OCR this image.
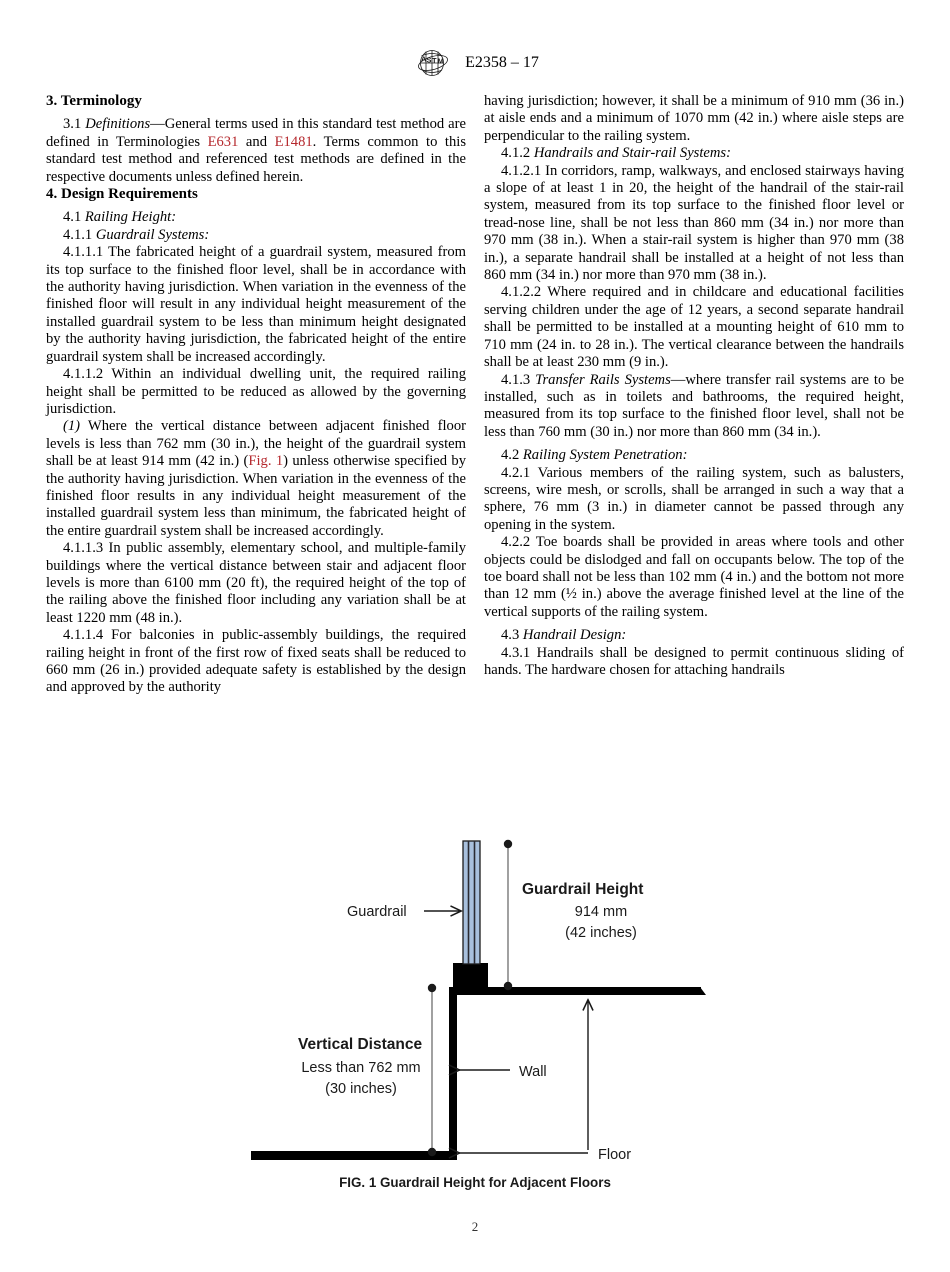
A S T M E2358 – 17
3. Terminology

3.1 Definitions—General terms used in this standard test method are defined in Terminologies E631 and E1481. Terms common to this standard test method and referenced test methods are defined in the respective documents unless defined herein.

4. Design Requirements

4.1 Railing Height:

4.1.1 Guardrail Systems:

4.1.1.1 The fabricated height of a guardrail system, measured from its top surface to the finished floor level, shall be in accordance with the authority having jurisdiction. When variation in the evenness of the finished floor will result in any individual height measurement of the installed guardrail system to be less than minimum height designated by the authority having jurisdiction, the fabricated height of the entire guardrail system shall be increased accordingly.

4.1.1.2 Within an individual dwelling unit, the required railing height shall be permitted to be reduced as allowed by the governing jurisdiction.

(1) Where the vertical distance between adjacent finished floor levels is less than 762 mm (30 in.), the height of the guardrail system shall be at least 914 mm (42 in.) (Fig. 1) unless otherwise specified by the authority having jurisdiction. When variation in the evenness of the finished floor results in any individual height measurement of the installed guardrail system less than minimum, the fabricated height of the entire guardrail system shall be increased accordingly.

4.1.1.3 In public assembly, elementary school, and multiple-family buildings where the vertical distance between stair and adjacent floor levels is more than 6100 mm (20 ft), the required height of the top of the railing above the finished floor including any variation shall be at least 1220 mm (48 in.).

4.1.1.4 For balconies in public-assembly buildings, the required railing height in front of the first row of fixed seats shall be reduced to 660 mm (26 in.) provided adequate safety is established by the design and approved by the authority

having jurisdiction; however, it shall be a minimum of 910 mm (36 in.) at aisle ends and a minimum of 1070 mm (42 in.) where aisle steps are perpendicular to the railing system.

4.1.2 Handrails and Stair-rail Systems:

4.1.2.1 In corridors, ramp, walkways, and enclosed stairways having a slope of at least 1 in 20, the height of the handrail of the stair-rail system, measured from its top surface to the finished floor level or tread-nose line, shall be not less than 860 mm (34 in.) nor more than 970 mm (38 in.). When a stair-rail system is higher than 970 mm (38 in.), a separate handrail shall be installed at a height of not less than 860 mm (34 in.) nor more than 970 mm (38 in.).

4.1.2.2 Where required and in childcare and educational facilities serving children under the age of 12 years, a second separate handrail shall be permitted to be installed at a mounting height of 610 mm to 710 mm (24 in. to 28 in.). The vertical clearance between the handrails shall be at least 230 mm (9 in.).

4.1.3 Transfer Rails Systems—where transfer rail systems are to be installed, such as in toilets and bathrooms, the required height, measured from its top surface to the finished floor level, shall not be less than 760 mm (30 in.) nor more than 860 mm (34 in.).

4.2 Railing System Penetration:

4.2.1 Various members of the railing system, such as balusters, screens, wire mesh, or scrolls, shall be arranged in such a way that a sphere, 76 mm (3 in.) in diameter cannot be passed through any opening in the system.

4.2.2 Toe boards shall be provided in areas where tools and other objects could be dislodged and fall on occupants below. The top of the toe board shall not be less than 102 mm (4 in.) and the bottom not more than 12 mm (½ in.) above the average finished level at the line of the vertical supports of the railing system.

4.3 Handrail Design:

4.3.1 Handrails shall be designed to permit continuous sliding of hands. The hardware chosen for attaching handrails

Guardrail
Guardrail Height
914 mm
(42 inches)
Vertical Distance
Less than 762 mm
(30 inches)
Wall
Floor
FIG. 1 Guardrail Height for Adjacent Floors
2
